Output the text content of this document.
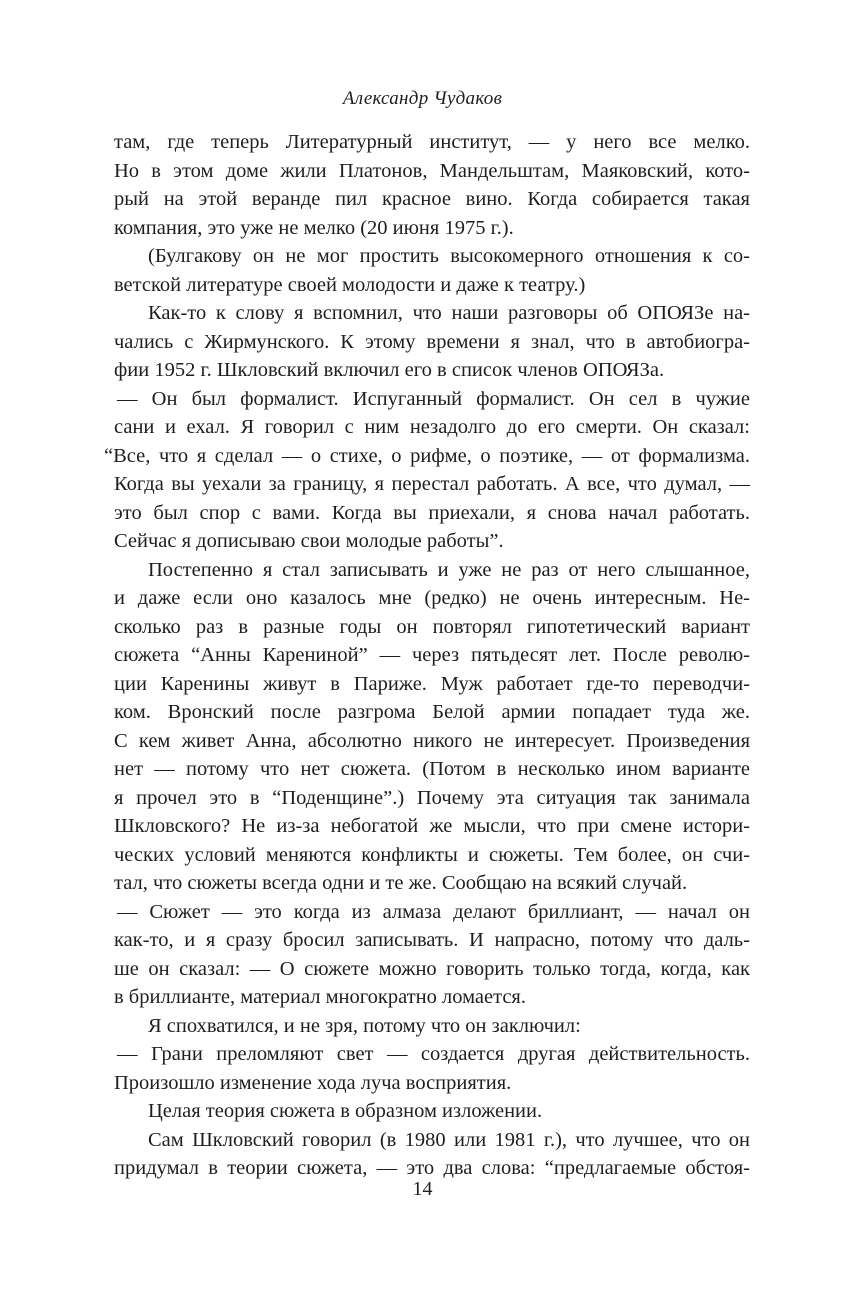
Александр Чудаков
там, где теперь Литературный институт, — у него все мелко.
Но в этом доме жили Платонов, Мандельштам, Маяковский, кото-
рый на этой веранде пил красное вино. Когда собирается такая
компания, это уже не мелко (20 июня 1975 г.).
(Булгакову он не мог простить высокомерного отношения к со-
ветской литературе своей молодости и даже к театру.)
Как-то к слову я вспомнил, что наши разговоры об ОПОЯЗе на-
чались с Жирмунского. К этому времени я знал, что в автобиогра-
фии 1952 г. Шкловский включил его в список членов ОПОЯЗа.
— Он был формалист. Испуганный формалист. Он сел в чужие
сани и ехал. Я говорил с ним незадолго до его смерти. Он сказал:
“Все, что я сделал — о стихе, о рифме, о поэтике, — от формализма.
Когда вы уехали за границу, я перестал работать. А все, что думал, —
это был спор с вами. Когда вы приехали, я снова начал работать.
Сейчас я дописываю свои молодые работы”.
Постепенно я стал записывать и уже не раз от него слышанное,
и даже если оно казалось мне (редко) не очень интересным. Не-
сколько раз в разные годы он повторял гипотетический вариант
сюжета “Анны Карениной” — через пятьдесят лет. После револю-
ции Каренины живут в Париже. Муж работает где-то переводчи-
ком. Вронский после разгрома Белой армии попадает туда же.
С кем живет Анна, абсолютно никого не интересует. Произведения
нет — потому что нет сюжета. (Потом в несколько ином варианте
я прочел это в “Поденщине”.) Почему эта ситуация так занимала
Шкловского? Не из-за небогатой же мысли, что при смене истори-
ческих условий меняются конфликты и сюжеты. Тем более, он счи-
тал, что сюжеты всегда одни и те же. Сообщаю на всякий случай.
— Сюжет — это когда из алмаза делают бриллиант, — начал он
как-то, и я сразу бросил записывать. И напрасно, потому что даль-
ше он сказал: — О сюжете можно говорить только тогда, когда, как
в бриллианте, материал многократно ломается.
Я спохватился, и не зря, потому что он заключил:
— Грани преломляют свет — создается другая действительность.
Произошло изменение хода луча восприятия.
Целая теория сюжета в образном изложении.
Сам Шкловский говорил (в 1980 или 1981 г.), что лучшее, что он
придумал в теории сюжета, — это два слова: “предлагаемые обстоя-
14
